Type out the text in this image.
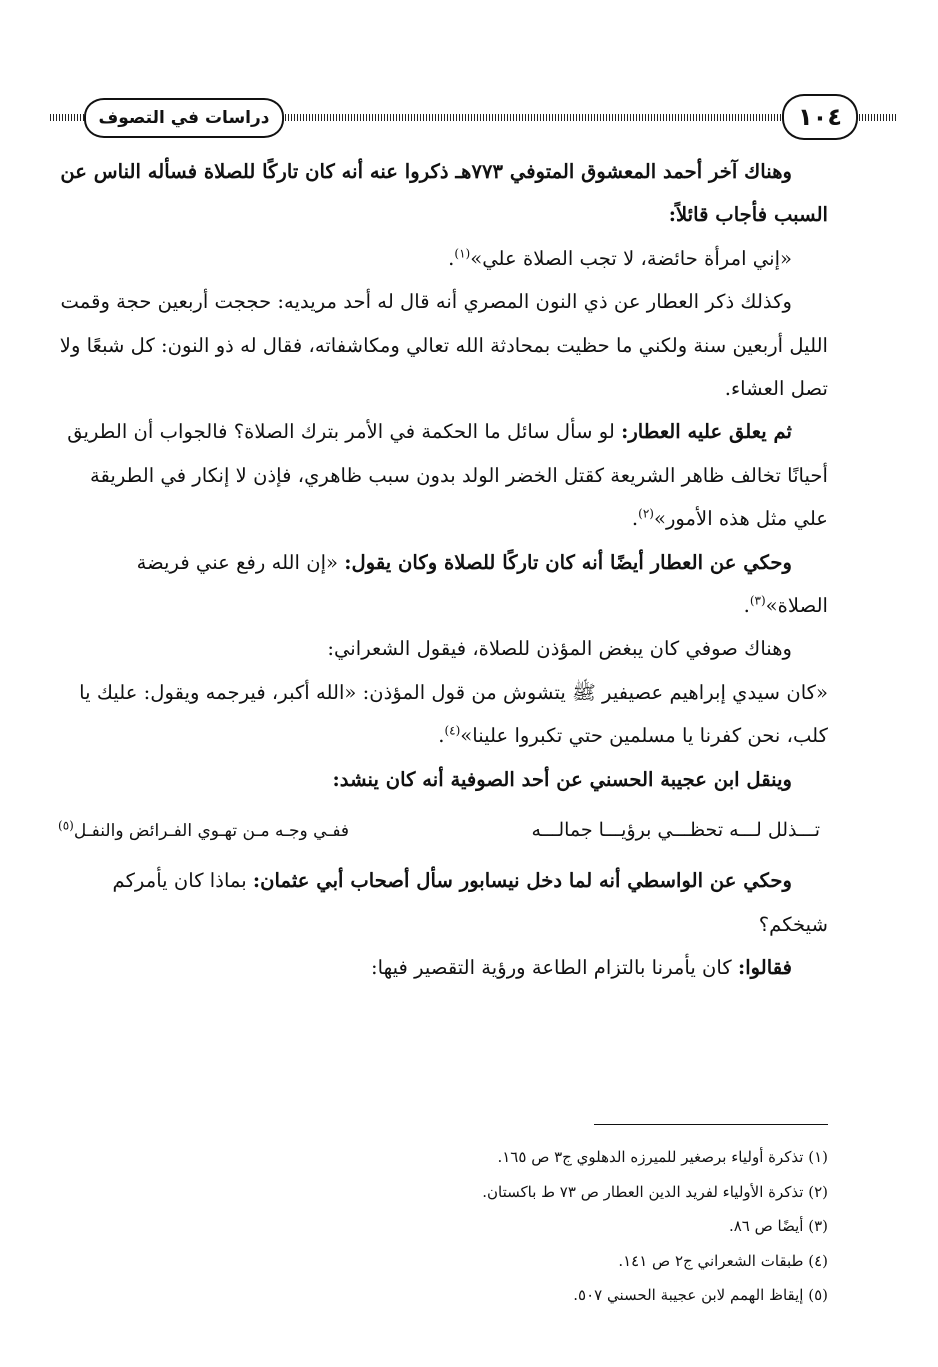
دراسات في التصوف	١٠٤

وهناك آخر أحمد المعشوق المتوفي ٧٧٣هـ ذكروا عنه أنه كان تاركًا للصلاة فسأله الناس عن السبب فأجاب قائلاً:

«إني امرأة حائضة، لا تجب الصلاة علي»$^{(١)}$.

وكذلك ذكر العطار عن ذي النون المصري أنه قال له أحد مريديه: حججت أربعين حجة وقمت الليل أربعين سنة ولكني ما حظيت بمحادثة الله تعالي ومكاشفاته، فقال له ذو النون: كل شبعًا ولا تصل العشاء.

ثم يعلق عليه العطار: لو سأل سائل ما الحكمة في الأمر بترك الصلاة؟ فالجواب أن الطريق أحيانًا تخالف ظاهر الشريعة كقتل الخضر الولد بدون سبب ظاهري، فإذن لا إنكار في الطريقة علي مثل هذه الأمور»$^{(٢)}$.

وحكي عن العطار أيضًا أنه كان تاركًا للصلاة وكان يقول: «إن الله رفع عني فريضة الصلاة»$^{(٣)}$.

وهناك صوفي كان يبغض المؤذن للصلاة، فيقول الشعراني:

«كان سيدي إبراهيم عصيفير ﷺ يتشوش من قول المؤذن: «الله أكبر، فيرجمه ويقول: عليك يا كلب، نحن كفرنا يا مسلمين حتي تكبروا علينا»$^{(٤)}$.

وينقل ابن عجيبة الحسني عن أحد الصوفية أنه كان ينشد:

تـــذلل لـــه تحظـــي برؤيـــا جمالـــه
ففـي وجـه مـن تهـوي الفـرائض والنفـل$^{(٥)}$

وحكي عن الواسطي أنه لما دخل نيسابور سأل أصحاب أبي عثمان: بماذا كان يأمركم شيخكم؟

فقالوا: كان يأمرنا بالتزام الطاعة ورؤية التقصير فيها:

(١) تذكرة أولياء برصغير للميرزه الدهلوي ج٣ ص ١٦٥.

(٢) تذكرة الأولياء لفريد الدين العطار ص ٧٣ ط باكستان.

(٣) أيضًا ص ٨٦.

(٤) طبقات الشعراني ج٢ ص ١٤١.

(٥) إيقاظ الهمم لابن عجيبة الحسني ٥٠٧.
